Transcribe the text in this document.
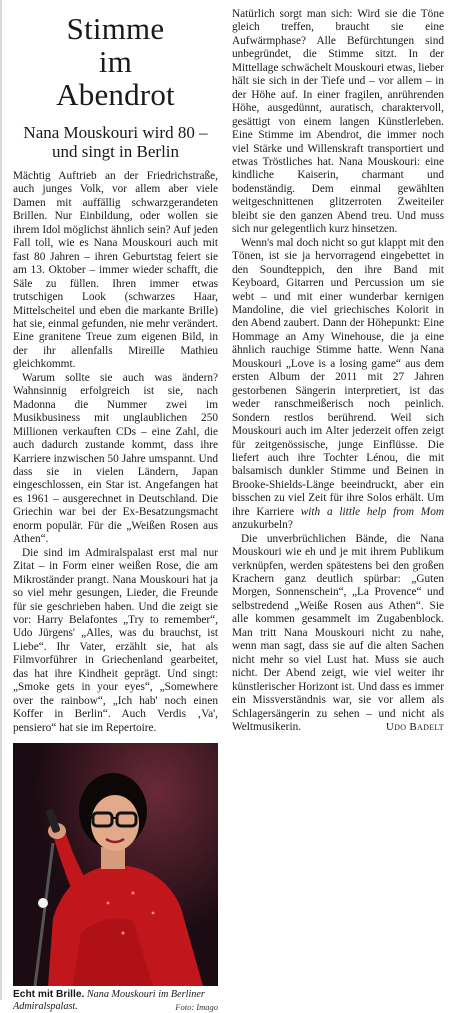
Stimme
im
Abendrot
Nana Mouskouri wird 80 – und singt in Berlin

Mächtig Auftrieb an der Friedrichstraße, auch junges Volk, vor allem aber viele Damen mit auffällig schwarzgerandeten Brillen. Nur Einbildung, oder wollen sie ihrem Idol möglichst ähnlich sein? Auf jeden Fall toll, wie es Nana Mouskouri auch mit fast 80 Jahren – ihren Geburtstag feiert sie am 13. Oktober – immer wieder schafft, die Säle zu füllen. Ihren immer etwas trutschigen Look (schwarzes Haar, Mittelscheitel und eben die markante Brille) hat sie, einmal gefunden, nie mehr verändert. Eine granitene Treue zum eigenen Bild, in der ihr allenfalls Mireille Mathieu gleichkommt.

Warum sollte sie auch was ändern? Wahnsinnig erfolgreich ist sie, nach Madonna die Nummer zwei im Musikbusiness mit unglaublichen 250 Millionen verkauften CDs – eine Zahl, die auch dadurch zustande kommt, dass ihre Karriere inzwischen 50 Jahre umspannt. Und dass sie in vielen Ländern, Japan eingeschlossen, ein Star ist. Angefangen hat es 1961 – ausgerechnet in Deutschland. Die Griechin war bei der Ex-Besatzungsmacht enorm populär. Für die „Weißen Rosen aus Athen“.

Die sind im Admiralspalast erst mal nur Zitat – in Form einer weißen Rose, die am Mikroständer prangt. Nana Mouskouri hat ja so viel mehr gesungen, Lieder, die Freunde für sie geschrieben haben. Und die zeigt sie vor: Harry Belafontes „Try to remember“, Udo Jürgens' „Alles, was du brauchst, ist Liebe“. Ihr Vater, erzählt sie, hat als Filmvorführer in Griechenland gearbeitet, das hat ihre Kindheit geprägt. Und singt: „Smoke gets in your eyes“, „Somewhere over the rainbow“, „Ich hab' noch einen Koffer in Berlin“. Auch Verdis ‚Va', pensiero“ hat sie im Repertoire.

Echt mit Brille. Nana Mouskouri im Berliner Admiralspalast.	Foto: Imago

Natürlich sorgt man sich: Wird sie die Töne gleich treffen, braucht sie eine Aufwärmphase? Alle Befürchtungen sind unbegründet, die Stimme sitzt. In der Mittellage schwächelt Mouskouri etwas, lieber hält sie sich in der Tiefe und – vor allem – in der Höhe auf. In einer fragilen, anrührenden Höhe, ausgedünnt, auratisch, charaktervoll, gesättigt von einem langen Künstlerleben. Eine Stimme im Abendrot, die immer noch viel Stärke und Willenskraft transportiert und etwas Tröstliches hat. Nana Mouskouri: eine kindliche Kaiserin, charmant und bodenständig. Dem einmal gewählten weitgeschnittenen glitzerroten Zweiteiler bleibt sie den ganzen Abend treu. Und muss sich nur gelegentlich kurz hinsetzen.

Wenn's mal doch nicht so gut klappt mit den Tönen, ist sie ja hervorragend eingebettet in den Soundteppich, den ihre Band mit Keyboard, Gitarren und Percussion um sie webt – und mit einer wunderbar kernigen Mandoline, die viel griechisches Kolorit in den Abend zaubert. Dann der Höhepunkt: Eine Hommage an Amy Winehouse, die ja eine ähnlich rauchige Stimme hatte. Wenn Nana Mouskouri „Love is a losing game“ aus dem ersten Album der 2011 mit 27 Jahren gestorbenen Sängerin interpretiert, ist das weder ranschmeißerisch noch peinlich. Sondern restlos berührend. Weil sich Mouskouri auch im Alter jederzeit offen zeigt für zeitgenössische, junge Einflüsse. Die liefert auch ihre Tochter Lénou, die mit balsamisch dunkler Stimme und Beinen in Brooke-Shields-Länge beeindruckt, aber ein bisschen zu viel Zeit für ihre Solos erhält. Um ihre Karriere with a little help from Mom anzukurbeln?

Die unverbrüchlichen Bände, die Nana Mouskouri wie eh und je mit ihrem Publikum verknüpfen, werden spätestens bei den großen Krachern ganz deutlich spürbar: „Guten Morgen, Sonnenschein“, „La Provence“ und selbstredend „Weiße Rosen aus Athen“. Sie alle kommen gesammelt im Zugabenblock. Man tritt Nana Mouskouri nicht zu nahe, wenn man sagt, dass sie auf die alten Sachen nicht mehr so viel Lust hat. Muss sie auch nicht. Der Abend zeigt, wie viel weiter ihr künstlerischer Horizont ist. Und dass es immer ein Missverständnis war, sie vor allem als Schlagersängerin zu sehen – und nicht als Weltmusikerin.	Udo Badelt
